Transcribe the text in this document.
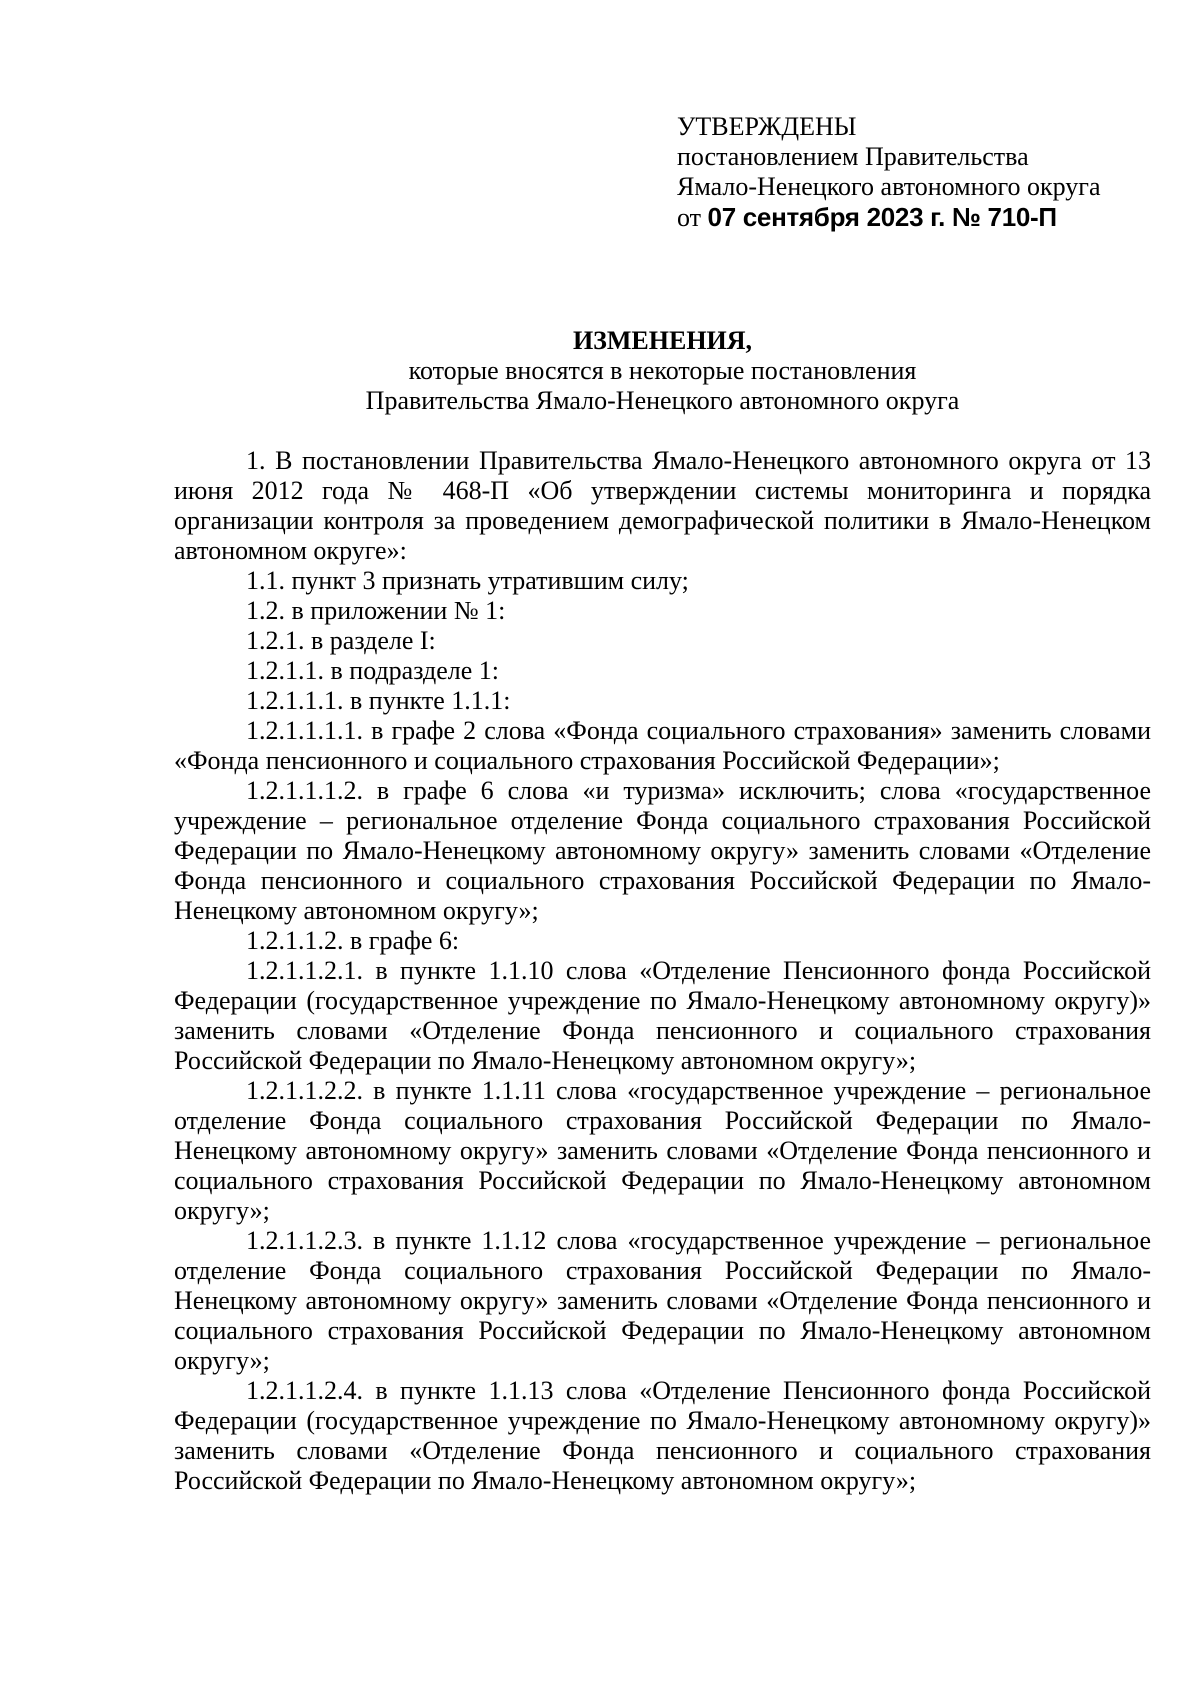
УТВЕРЖДЕНЫ

постановлением Правительства

Ямало-Ненецкого автономного округа

от 07 сентября 2023 г. № 710-П

ИЗМЕНЕНИЯ,

которые вносятся в некоторые постановления

Правительства Ямало-Ненецкого автономного округа

1. В постановлении Правительства Ямало-Ненецкого автономного округа от 13 июня 2012 года № 468-П «Об утверждении системы мониторинга и порядка организации контроля за проведением демографической политики в Ямало-Ненецком автономном округе»:

1.1. пункт 3 признать утратившим силу;

1.2. в приложении № 1:

1.2.1. в разделе I:

1.2.1.1. в подразделе 1:

1.2.1.1.1. в пункте 1.1.1:

1.2.1.1.1.1. в графе 2 слова «Фонда социального страхования» заменить словами «Фонда пенсионного и социального страхования Российской Федерации»;

1.2.1.1.1.2. в графе 6 слова «и туризма» исключить; слова «государственное учреждение – региональное отделение Фонда социального страхования Российской Федерации по Ямало-Ненецкому автономному округу» заменить словами «Отделение Фонда пенсионного и социального страхования Российской Федерации по Ямало-Ненецкому автономном округу»;

1.2.1.1.2. в графе 6:

1.2.1.1.2.1. в пункте 1.1.10 слова «Отделение Пенсионного фонда Российской Федерации (государственное учреждение по Ямало-Ненецкому автономному округу)» заменить словами «Отделение Фонда пенсионного и социального страхования Российской Федерации по Ямало-Ненецкому автономном округу»;

1.2.1.1.2.2. в пункте 1.1.11 слова «государственное учреждение – региональное отделение Фонда социального страхования Российской Федерации по Ямало-Ненецкому автономному округу» заменить словами «Отделение Фонда пенсионного и социального страхования Российской Федерации по Ямало-Ненецкому автономном округу»;

1.2.1.1.2.3. в пункте 1.1.12 слова «государственное учреждение – региональное отделение Фонда социального страхования Российской Федерации по Ямало-Ненецкому автономному округу» заменить словами «Отделение Фонда пенсионного и социального страхования Российской Федерации по Ямало-Ненецкому автономном округу»;

1.2.1.1.2.4. в пункте 1.1.13 слова «Отделение Пенсионного фонда Российской Федерации (государственное учреждение по Ямало-Ненецкому автономному округу)» заменить словами «Отделение Фонда пенсионного и социального страхования Российской Федерации по Ямало-Ненецкому автономном округу»;
